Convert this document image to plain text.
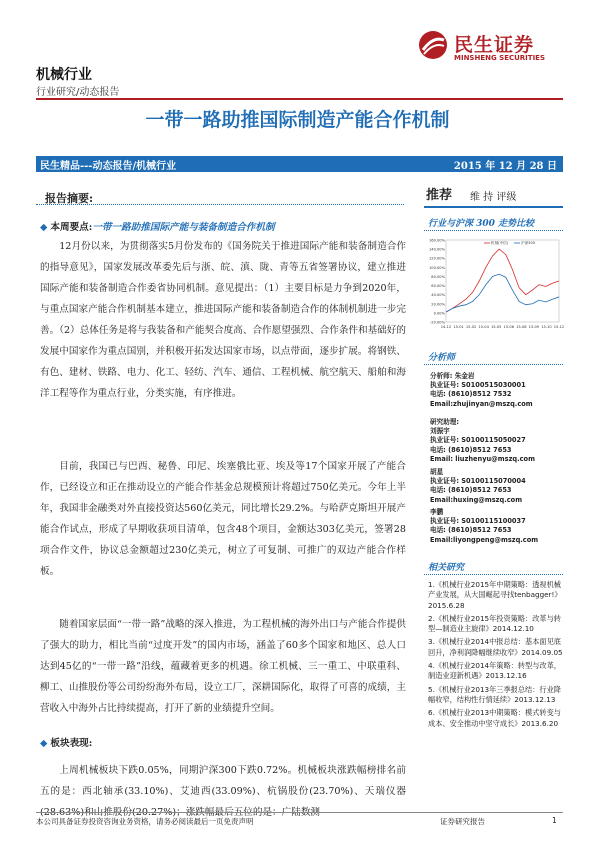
机械行业
行业研究/动态报告
民生证券
MINSHENG SECURITIES
一带一路助推国际制造产能合作机制
民生精品---动态报告/机械行业	2015 年 12 月 28 日
报告摘要:
◆ 本周要点:一带一路助推国际产能与装备制造合作机制
12月份以来，为贯彻落实5月份发布的《国务院关于推进国际产能和装备制造合作的指导意见》，国家发展改革委先后与浙、皖、滇、陇、青等五省签署协议，建立推进国际产能和装备制造合作委省协同机制。意见提出：（1）主要目标是力争到2020年，与重点国家产能合作机制基本建立，推进国际产能和装备制造合作的体制机制进一步完善。（2）总体任务是将与我装备和产能契合度高、合作愿望强烈、合作条件和基础好的发展中国家作为重点国别，并积极开拓发达国家市场，以点带面，逐步扩展。将钢铁、有色、建材、铁路、电力、化工、轻纺、汽车、通信、工程机械、航空航天、船舶和海洋工程等作为重点行业，分类实施，有序推进。
目前，我国已与巴西、秘鲁、印尼、埃塞俄比亚、埃及等17个国家开展了产能合作，已经设立和正在推动设立的产能合作基金总规模预计将超过750亿美元。今年上半年，我国非金融类对外直接投资达560亿美元，同比增长29.2%。与哈萨克斯坦开展产能合作试点，形成了早期收获项目清单，包含48个项目，金额达303亿美元，签署28项合作文件，协议总金额超过230亿美元，树立了可复制、可推广的双边产能合作样板。
随着国家层面“一带一路”战略的深入推进，为工程机械的海外出口与产能合作提供了强大的助力，相比当前“过度开发”的国内市场，涵盖了60多个国家和地区、总人口达到45亿的“一带一路”沿线，蕴藏着更多的机遇。徐工机械、三一重工、中联重科、柳工、山推股份等公司纷纷海外布局，设立工厂，深耕国际化，取得了可喜的成绩，主营收入中海外占比持续提高，打开了新的业绩提升空间。
◆ 板块表现:
上周机械板块下跌0.05%，同期沪深300下跌0.72%。机械板块涨跌幅榜排名前五的是：西北轴承(33.10%)、艾迪西(33.09%)、杭锅股份(23.70%)、天瑞仪器
推荐 维 持 评级
行业与沪深 300 走势比较
160.00%
140.00%
120.00%
100.00%
80.00%
60.00%
40.00%
20.00%
0.00%
-20.00%
14-12 15-01 15-02 15-04 15-05 15-06 15-08 15-09 15-10 15-12
机械(中信)	沪深300
分析师
分析师: 朱金岩
执业证号: S0100515030001
电话: (8610)8512 7532
Email:zhujinyan@mszq.com
研究助理:
刘振宇
执业证号: S0100115050027
电话: (8610)8512 7653
Email: liuzhenyu@mszq.com
胡星
执业证号: S0100115070004
电话: (8610)8512 7653
Email:huxing@mszq.com
李鹏
执业证号: S0100115100037
电话: (8610)8512 7653
Email:liyongpeng@mszq.com
相关研究
1.《机械行业2015年中期策略：透视机械产业发展，从大国崛起寻找tenbagger!》2015.6.28
2.《机械行业2015年投资策略：改革与转型—制造业主旋律》2014.12.10
3.《机械行业2014中报总结：基本面见底回升，净利润降幅继续收窄》2014.09.05
4.《机械行业2014年策略：转型与改革，制造业迎新机遇》2013.12.16
5.《机械行业2013年三季报总结：行业降幅收窄，结构性行情延续》2013.12.13
6.《机械行业2013中期策略：模式转变与成本、安全推动中坚守成长》2013.6.20
本公司具备证券投资咨询业务资格，请务必阅读最后一页免责声明	证券研究报告	1
